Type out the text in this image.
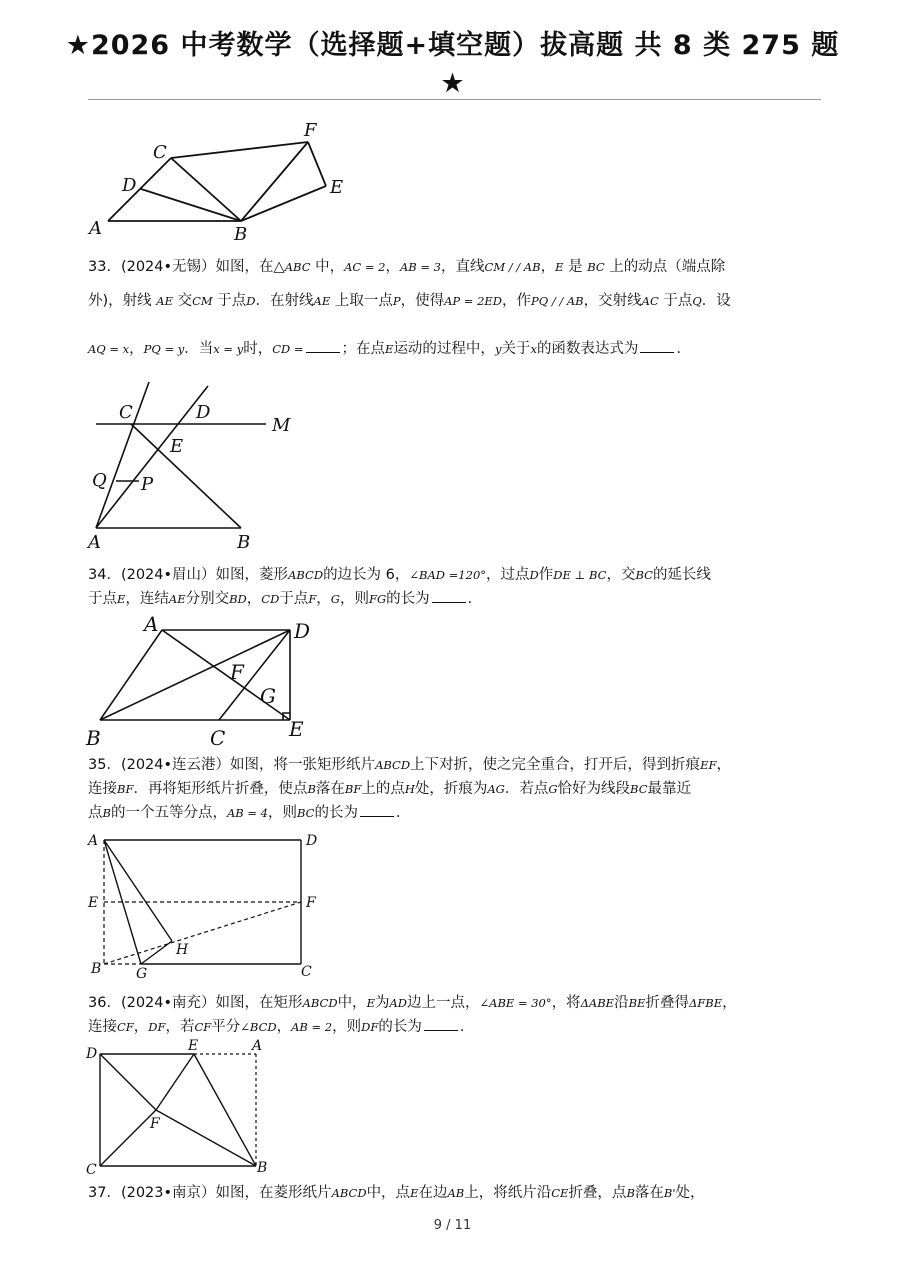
★2026 中考数学（选择题+填空题）拔高题 共 8 类 275 题
★
A	B
C
D	E
F
33．(2024•无锡）如图，在△ABC 中，AC = 2，AB = 3，直线CM / / AB，E 是 BC 上的动点（端点除
外)，射线 AE 交CM 于点D．在射线AE 上取一点P，使得AP = 2ED，作PQ / / AB，交射线AC 于点Q．设
AQ = x，PQ = y．当x = y时，CD =	；在点E运动的过程中，y关于x的函数表达式为	．
C	D
M
E
Q P
A	B
34．(2024•眉山）如图，菱形ABCD的边长为 6，∠BAD =120°，过点D作DE ⊥ BC，交BC的延长线
于点E，连结AE分别交BD，CD于点F，G，则FG的长为	．
A	D
F
G
B	C	E
35．(2024•连云港）如图，将一张矩形纸片ABCD上下对折，使之完全重合，打开后，得到折痕EF，
连接BF．再将矩形纸片折叠，使点B落在BF上的点H处，折痕为AG．若点G恰好为线段BC最靠近
点B的一个五等分点，AB = 4，则BC的长为	．
A	D
E	F
H
B G	C
36．(2024•南充）如图，在矩形ABCD中，E为AD边上一点，∠ABE = 30°，将ΔABE沿BE折叠得ΔFBE，
连接CF，DF，若CF平分∠BCD，AB = 2，则DF的长为	．
D	E	A
F
C	B
37．(2023•南京）如图，在菱形纸片ABCD中，点E在边AB上，将纸片沿CE折叠，点B落在B'处，
9 / 11
